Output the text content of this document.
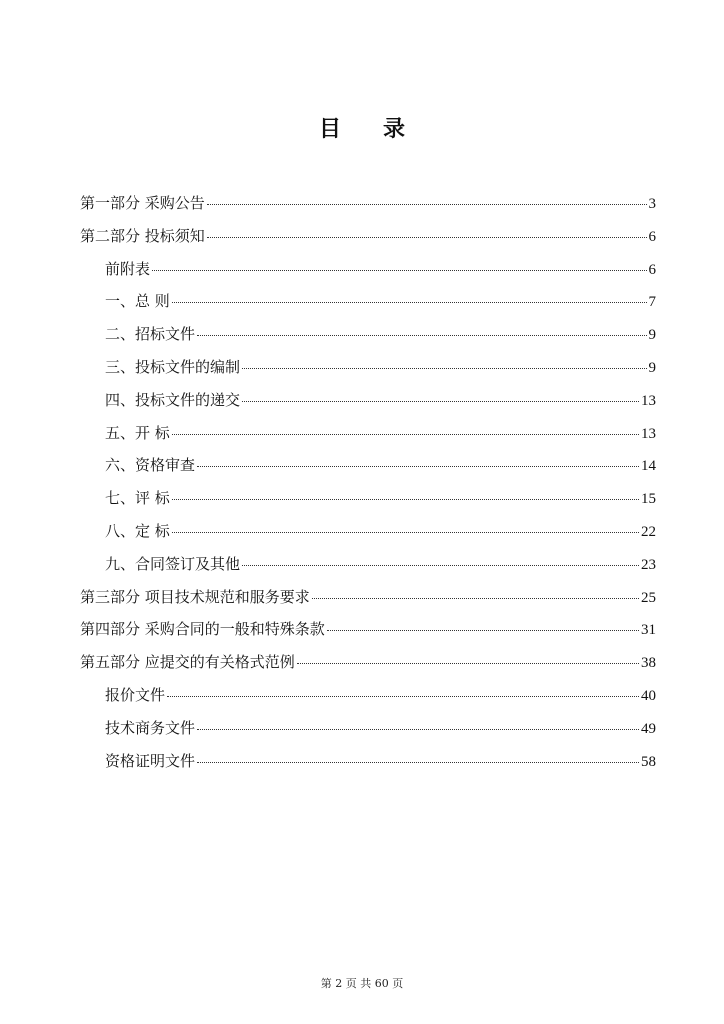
目 录
第一部分 采购公告	3
第二部分 投标须知	6
前附表	6
一、总 则	7
二、招标文件	9
三、投标文件的编制	9
四、投标文件的递交	13
五、开 标	13
六、资格审查	14
七、评 标	15
八、定 标	22
九、合同签订及其他	23
第三部分 项目技术规范和服务要求	25
第四部分 采购合同的一般和特殊条款	31
第五部分 应提交的有关格式范例	38
报价文件	40
技术商务文件	49
资格证明文件	58
第 2 页 共 60 页
